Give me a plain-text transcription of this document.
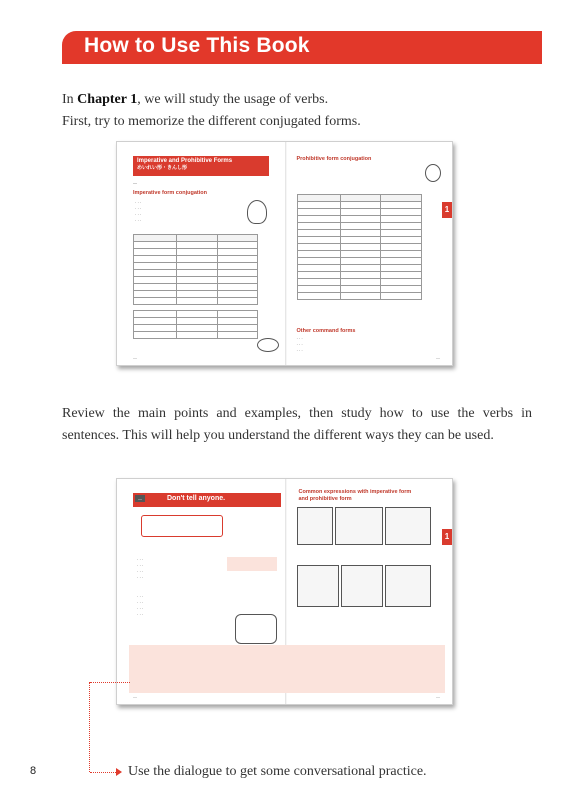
How to Use This Book
In Chapter 1, we will study the usage of verbs.
First, try to memorize the different conjugated forms.
Imperative and Prohibitive Forms
めいれい形・きんし形
—
Imperative form conjugation
· · ·
· · ·
· · ·
· · ·

—
Prohibitive form conjugation

Other command forms
· · ·
· · ·
· · ·
1
—
Review the main points and examples, then study how to use the verbs in sentences. This will help you understand the different ways they can be used.
—	Don't tell anyone.
· · ·
· · ·
· · ·
· · ·
· · ·
· · ·
· · ·
· · ·
—
Common expressions with imperative form and prohibitive form
1
—
Use the dialogue to get some conversational practice.
8
